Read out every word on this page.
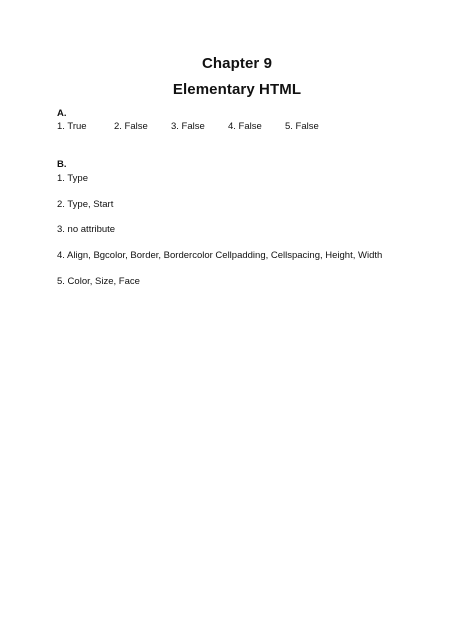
Chapter 9
Elementary HTML
A.
1. True	2. False 3. False 4. False 5. False
B.
1. Type
2. Type, Start
3. no attribute
4. Align, Bgcolor, Border, Bordercolor Cellpadding, Cellspacing, Height, Width
5. Color, Size, Face
